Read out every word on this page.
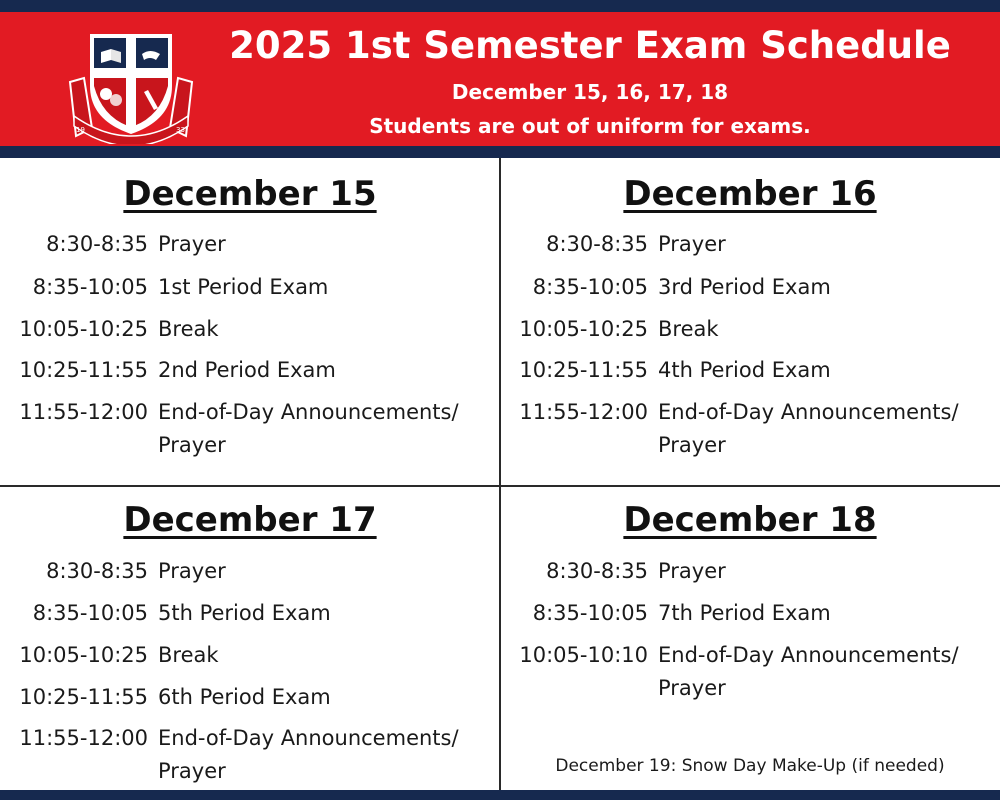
19	33
2025 1st Semester Exam Schedule
December 15, 16, 17, 18
Students are out of uniform for exams.
December 15
8:30-8:35 Prayer
8:35-10:05 1st Period Exam
10:05-10:25 Break
10:25-11:55 2nd Period Exam
11:55-12:00 End-of-Day Announcements/ Prayer
December 16
8:30-8:35 Prayer
8:35-10:05 3rd Period Exam
10:05-10:25 Break
10:25-11:55 4th Period Exam
11:55-12:00 End-of-Day Announcements/ Prayer
December 17
8:30-8:35 Prayer
8:35-10:05 5th Period Exam
10:05-10:25 Break
10:25-11:55 6th Period Exam
11:55-12:00 End-of-Day Announcements/ Prayer
December 18
8:30-8:35 Prayer
8:35-10:05 7th Period Exam
10:05-10:10 End-of-Day Announcements/ Prayer
December 19: Snow Day Make-Up (if needed)
